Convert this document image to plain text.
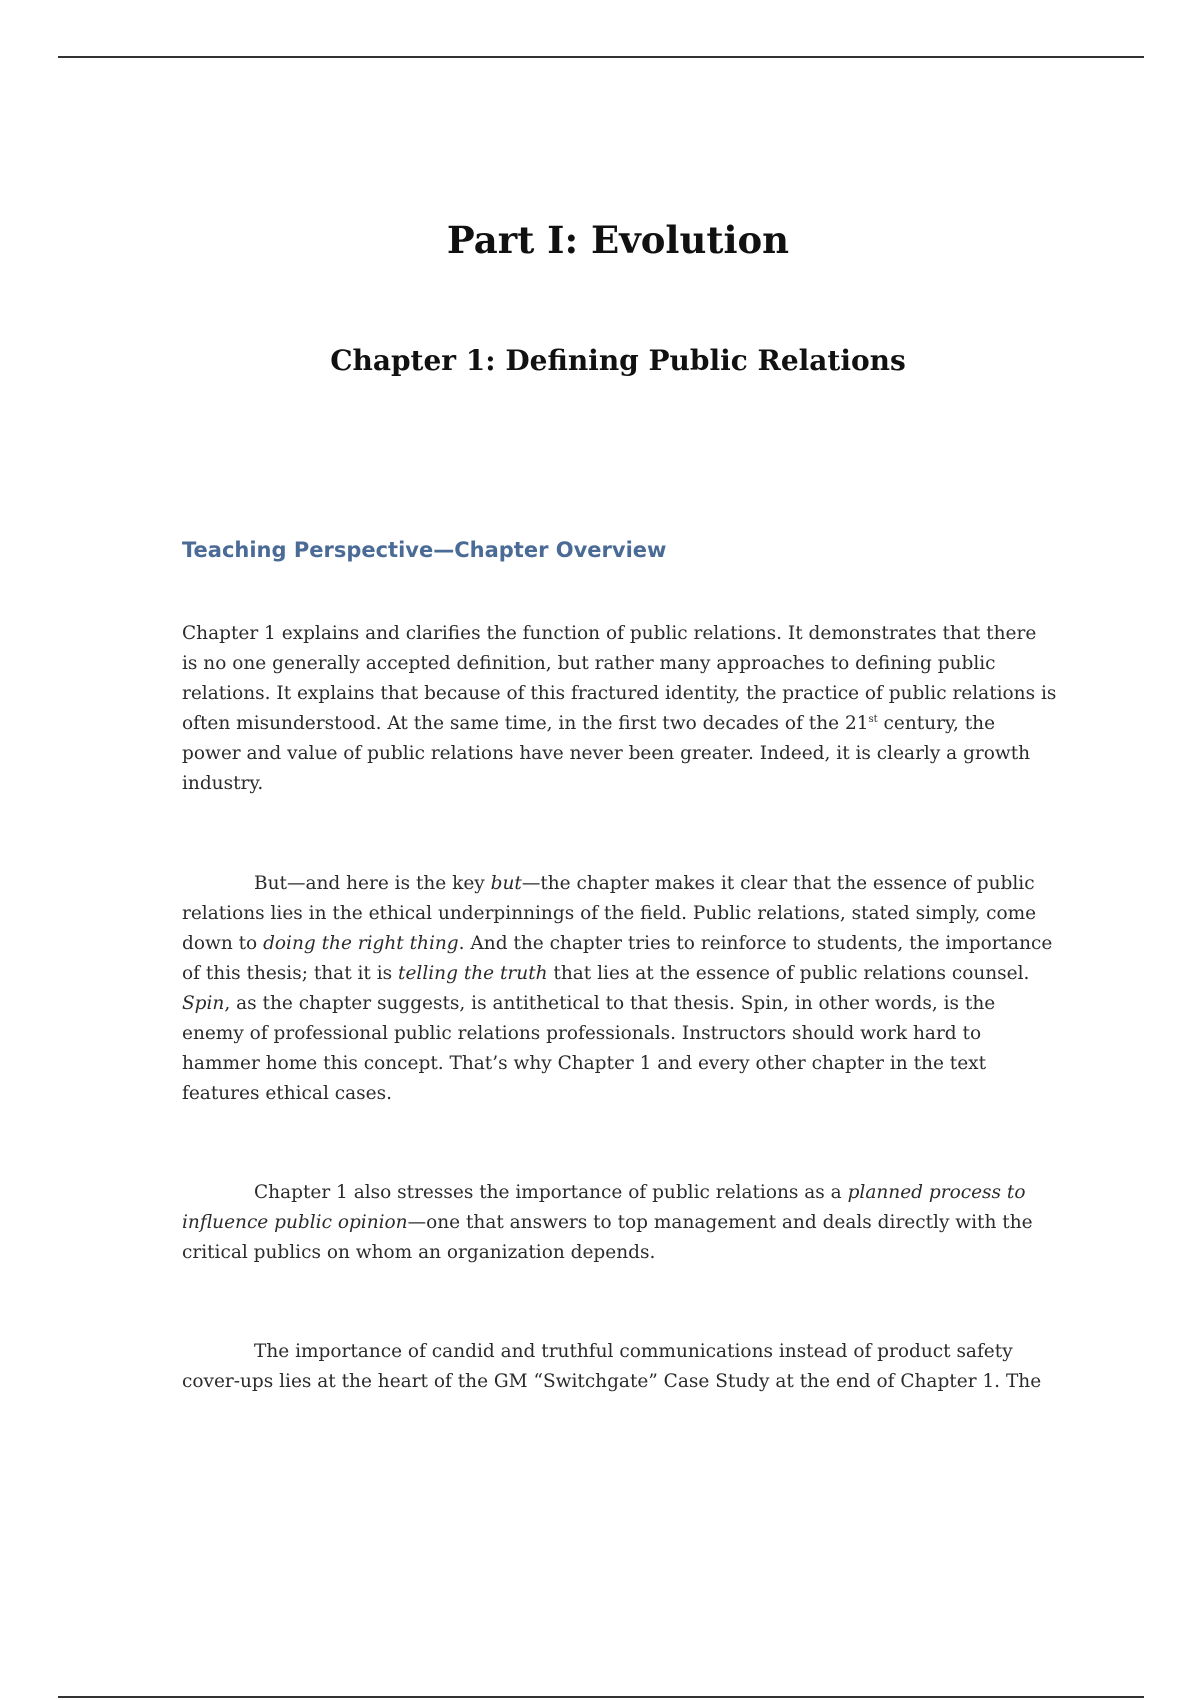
Part I: Evolution
Chapter 1: Defining Public Relations
Teaching Perspective—Chapter Overview

Chapter 1 explains and clarifies the function of public relations. It demonstrates that there is no one generally accepted definition, but rather many approaches to defining public relations. It explains that because of this fractured identity, the practice of public relations is often misunderstood. At the same time, in the first two decades of the 21st century, the power and value of public relations have never been greater. Indeed, it is clearly a growth industry.

But—and here is the key but—the chapter makes it clear that the essence of public relations lies in the ethical underpinnings of the field. Public relations, stated simply, come down to doing the right thing. And the chapter tries to reinforce to students, the importance of this thesis; that it is telling the truth that lies at the essence of public relations counsel. Spin, as the chapter suggests, is antithetical to that thesis. Spin, in other words, is the enemy of professional public relations professionals. Instructors should work hard to hammer home this concept. That’s why Chapter 1 and every other chapter in the text features ethical cases.

Chapter 1 also stresses the importance of public relations as a planned process to influence public opinion—one that answers to top management and deals directly with the critical publics on whom an organization depends.

The importance of candid and truthful communications instead of product safety cover-ups lies at the heart of the GM “Switchgate” Case Study at the end of Chapter 1. The
